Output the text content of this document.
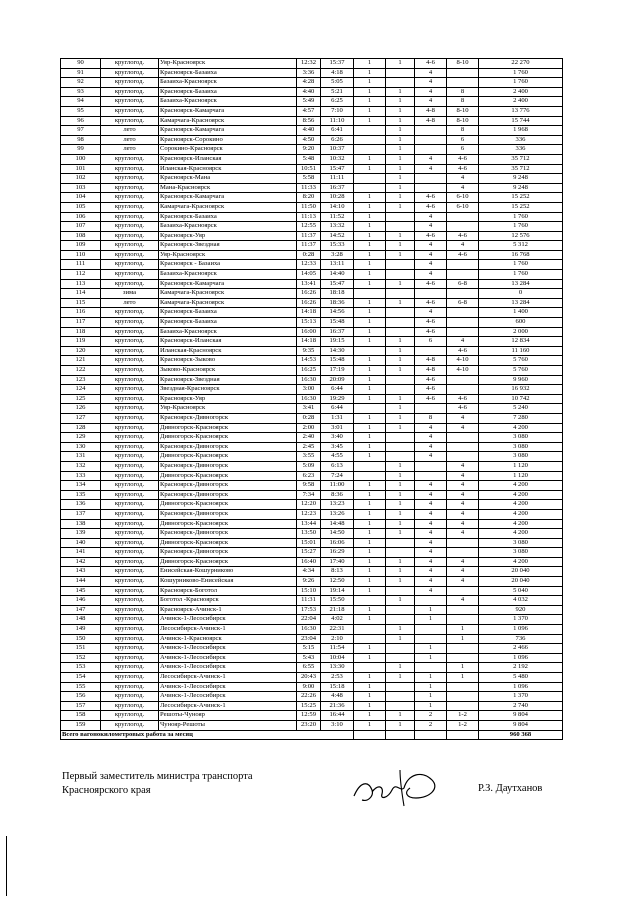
90	круглогод.	Уяр-Красноярск	12:32	15:37	1	1	4-6	8-10	22 270
91	круглогод.	Красноярск-Базаиха	3:36	4:18	1		4		1 760
92	круглогод.	Базаиха-Красноярск	4:28	5:05	1		4		1 760
93	круглогод.	Красноярск-Базаиха	4:40	5:21	1	1	4	8	2 400
94	круглогод.	Базаиха-Красноярск	5:49	6:25	1	1	4	8	2 400
95	круглогод.	Красноярск-Камарчага	4:57	7:10	1	1	4-8	8-10	13 776
96	круглогод.	Камарчага-Красноярск	8:56	11:10	1	1	4-8	8-10	15 744
97	лето	Красноярск-Камарчага	4:40	6:41		1		8	1 968
98	лето	Красноярск-Сорокино	4:50	6:26		1		6	336
99	лето	Сорокино-Красноярск	9:20	10:37		1		6	336
100	круглогод.	Красноярск-Иланская	5:48	10:32	1	1	4	4-6	35 712
101	круглогод.	Иланская-Красноярск	10:51	15:47	1	1	4	4-6	35 712
102	круглогод.	Красноярск-Мана	5:58	11:11		1		4	9 248
103	круглогод.	Мана-Красноярск	11:33	16:37		1		4	9 248
104	круглогод.	Красноярск-Камарчага	8:20	10:28	1	1	4-6	6-10	15 252
105	круглогод.	Камарчага-Красноярск	11:50	14:10	1	1	4-6	6-10	15 252
106	круглогод.	Красноярск-Базаиха	11:13	11:52	1		4		1 760
107	круглогод.	Базаиха-Красноярск	12:55	13:32	1		4		1 760
108	круглогод.	Красноярск-Уяр	11:37	14:52	1	1	4-6	4-6	12 576
109	круглогод.	Красноярск-Звездная	11:37	15:33	1	1	4	4	5 312
110	круглогод.	Уяр-Красноярск	0:28	3:28	1	1	4	4-6	16 768
111	круглогод.	Красноярск - Базаиха	12:33	13:11	1		4		1 760
112	круглогод.	Базаиха-Красноярск	14:05	14:40	1		4		1 760
113	круглогод.	Красноярск-Камарчага	13:41	15:47	1	1	4-6	6-8	13 284
114	зима	Камарчага-Красноярск	16:26	18:18					0
115	лето	Камарчага-Красноярск	16:26	18:36	1	1	4-6	6-8	13 284
116	круглогод.	Красноярск-Базаиха	14:18	14:56	1		4		1 400
117	круглогод.	Красноярск-Базаиха	15:13	15:48	1		4-6		600
118	круглогод.	Базаиха-Красноярск	16:00	16:37	1		4-6		2 000
119	круглогод.	Красноярск-Иланская	14:18	19:15	1	1	6	4	12 834
120	круглогод.	Иланская-Красноярск	9:35	14:30		1		4-6	11 160
121	круглогод.	Красноярск-Зыково	14:53	15:48	1	1	4-8	4-10	5 760
122	круглогод.	Зыково-Красноярск	16:25	17:19	1	1	4-8	4-10	5 760
123	круглогод.	Красноярск-Звездная	16:30	20:09	1		4-6		9 960
124	круглогод.	Звездная-Красноярск	3:00	6:44	1		4-6		16 932
125	круглогод.	Красноярск-Уяр	16:30	19:29	1	1	4-6	4-6	10 742
126	круглогод.	Уяр-Красноярск	3:41	6:44		1		4-6	5 240
127	круглогод.	Красноярск-Дивногорск	0:28	1:31	1	1	8	4	7 280
128	круглогод.	Дивногорск-Красноярск	2:00	3:01	1	1	4	4	4 200
129	круглогод.	Дивногорск-Красноярск	2:40	3:40	1		4		3 080
130	круглогод.	Красноярск-Дивногорск	2:45	3:45	1		4		3 080
131	круглогод.	Дивногорск-Красноярск	3:55	4:55	1		4		3 080
132	круглогод.	Красноярск-Дивногорск	5:09	6:13		1		4	1 120
133	круглогод.	Дивногорск-Красноярск	6:23	7:24		1		4	1 120
134	круглогод.	Красноярск-Дивногорск	9:58	11:00	1	1	4	4	4 200
135	круглогод.	Красноярск-Дивногорск	7:34	8:36	1	1	4	4	4 200
136	круглогод.	Дивногорск-Красноярск	12:20	13:23	1	1	4	4	4 200
137	круглогод.	Красноярск-Дивногорск	12:23	13:26	1	1	4	4	4 200
138	круглогод.	Дивногорск-Красноярск	13:44	14:48	1	1	4	4	4 200
139	круглогод.	Красноярск-Дивногорск	13:50	14:50	1	1	4	4	4 200
140	круглогод.	Дивногорск-Красноярск	15:01	16:06	1		4		3 080
141	круглогод.	Красноярск-Дивногорск	15:27	16:29	1		4		3 080
142	круглогод.	Дивногорск-Красноярск	16:40	17:40	1	1	4	4	4 200
143	круглогод.	Енисейская-Кошурниково	4:34	8:13	1	1	4	4	20 040
144	круглогод.	Кошурниково-Енисейская	9:26	12:50	1	1	4	4	20 040
145	круглогод.	Красноярск-Боготол	15:10	19:14	1		4		5 040
146	круглогод.	Боготол -Красноярск	11:31	15:50		1		4	4 032
147	круглогод.	Красноярск-Ачинск-1	17:53	21:18	1		1		920
148	круглогод.	Ачинск-1-Лесосибирск	22:04	4:02	1		1		1 370
149	круглогод.	Лесосибирск-Ачинск-1	16:30	22:31		1		1	1 096
150	круглогод.	Ачинск-1-Красноярск	23:04	2:10		1		1	736
151	круглогод.	Ачинск-1-Лесосибирск	5:15	11:54	1		1		2 466
152	круглогод.	Ачинск-1-Лесосибирск	5:43	10:04	1		1		1 096
153	круглогод.	Ачинск-1-Лесосибирск	6:55	13:30		1		1	2 192
154	круглогод.	Лесосибирск-Ачинск-1	20:43	2:53	1	1	1	1	5 480
155	круглогод.	Ачинск-1-Лесосибирск	9:00	15:18	1		1		1 096
156	круглогод.	Ачинск-1-Лесосибирск	22:26	4:48	1		1		1 370
157	круглогод.	Лесосибирск-Ачинск-1	15:25	21:36	1		1		2 740
158	круглогод.	Решоты-Чунояр	12:59	16:44	1	1	2	1-2	9 804
159	круглогод.	Чунояр-Решоты	23:20	3:10	1	1	2	1-2	9 804
Всего вагонокилометровых работа за месяц									960 368
Первый заместитель министра транспорта
Красноярского края	Р.З. Даутханов
